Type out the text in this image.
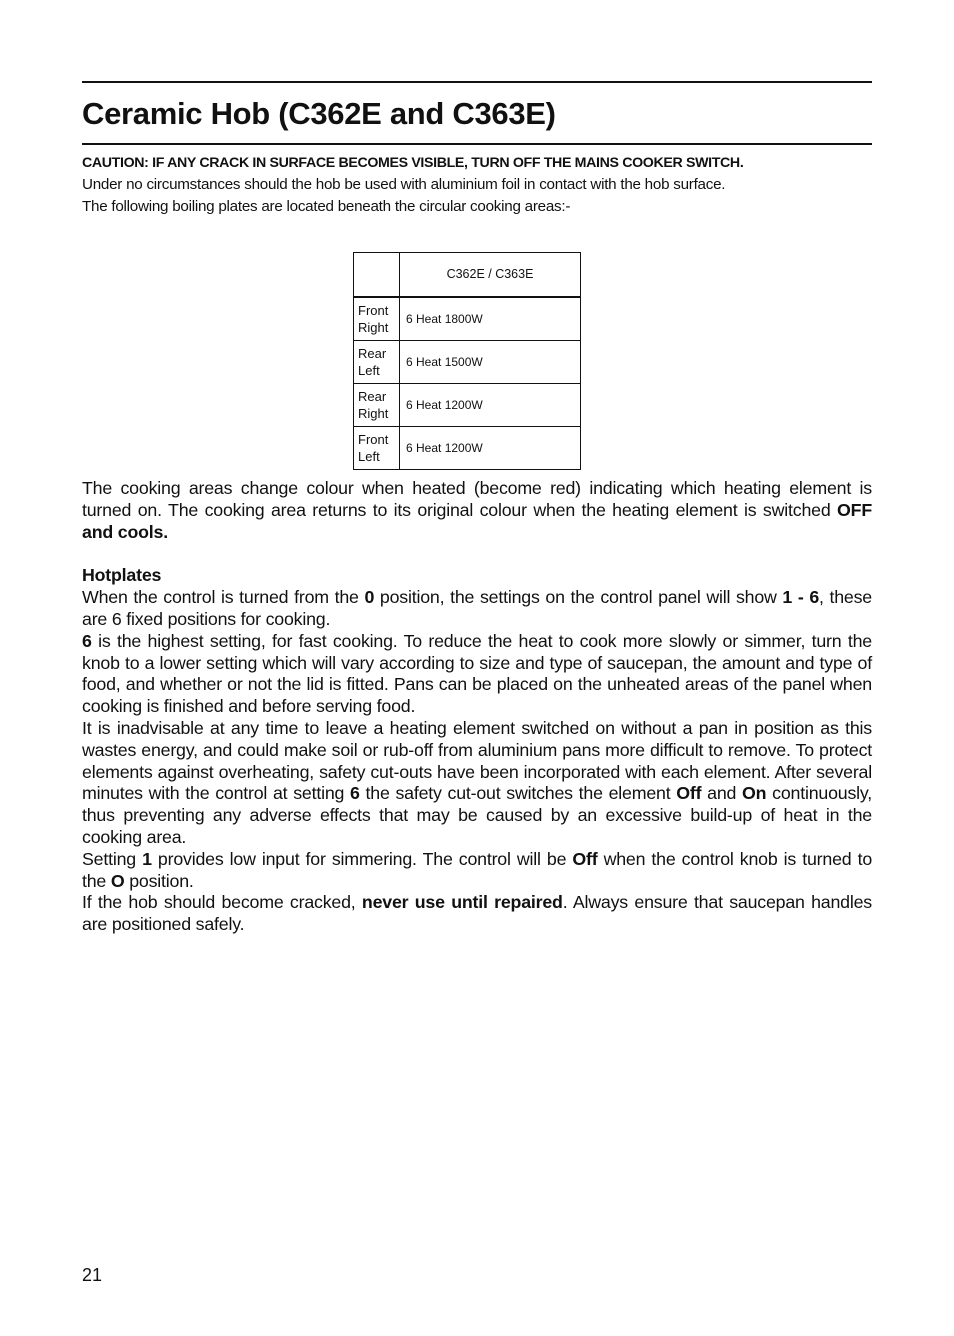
Ceramic Hob (C362E and C363E)
CAUTION: IF ANY CRACK IN SURFACE BECOMES VISIBLE, TURN OFF THE MAINS COOKER SWITCH.

Under no circumstances should the hob be used with aluminium foil in contact with the hob surface.

The following boiling plates are located beneath the circular cooking areas:-

	C362E / C363E
Front
Right	6 Heat 1800W
Rear
Left	6 Heat 1500W
Rear
Right	6 Heat 1200W
Front
Left	6 Heat 1200W

The cooking areas change colour when heated (become red) indicating which heating element is turned on. The cooking area returns to its original colour when the heating element is switched OFF and cools.

Hotplates

When the control is turned from the 0 position, the settings on the control panel will show 1 - 6, these are 6 fixed positions for cooking.

6 is the highest setting, for fast cooking. To reduce the heat to cook more slowly or simmer, turn the knob to a lower setting which will vary according to size and type of saucepan, the amount and type of food, and whether or not the lid is fitted. Pans can be placed on the unheated areas of the panel when cooking is finished and before serving food.

It is inadvisable at any time to leave a heating element switched on without a pan in position as this wastes energy, and could make soil or rub-off from aluminium pans more difficult to remove. To protect elements against overheating, safety cut-outs have been incorporated with each element. After several minutes with the control at setting 6 the safety cut-out switches the element Off and On continuously, thus preventing any adverse effects that may be caused by an excessive build-up of heat in the cooking area.

Setting 1 provides low input for simmering. The control will be Off when the control knob is turned to the O position.

If the hob should become cracked, never use until repaired. Always ensure that saucepan handles are positioned safely.

21
